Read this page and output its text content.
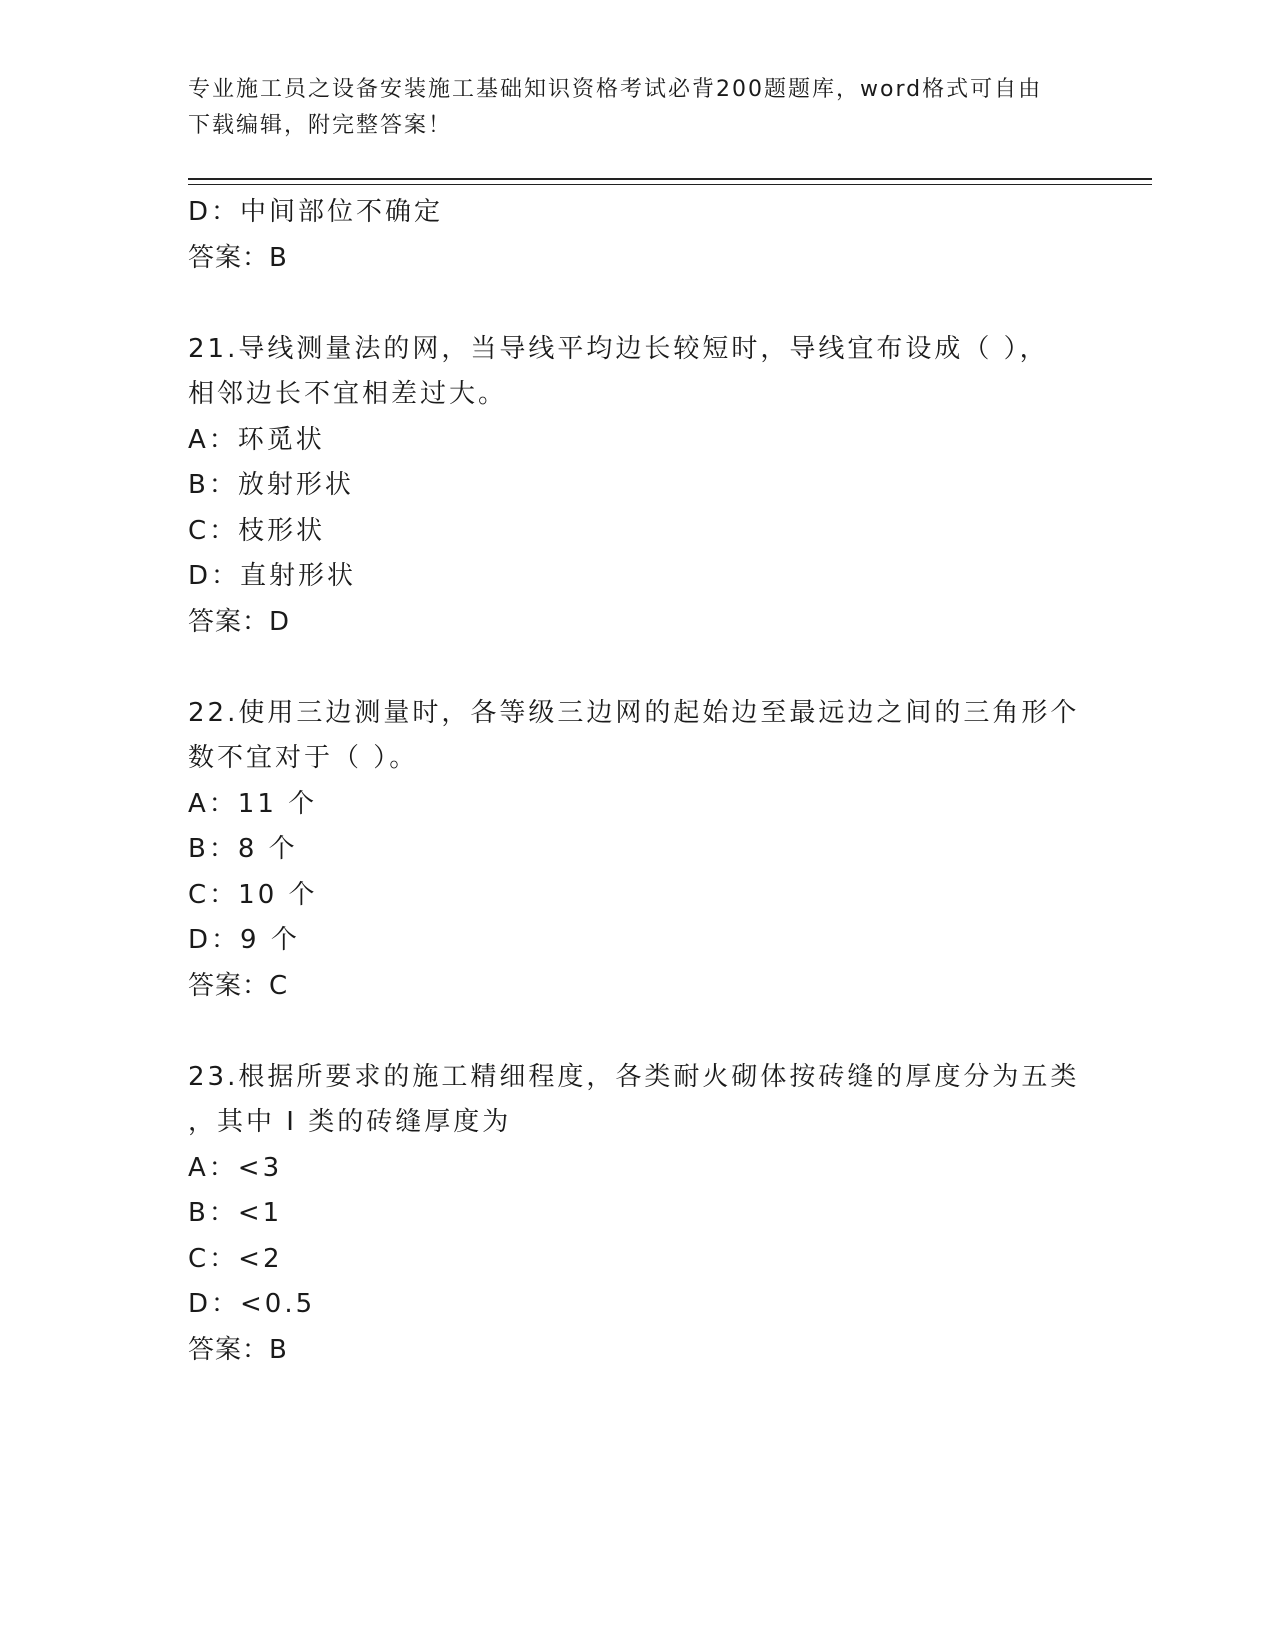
专业施工员之设备安装施工基础知识资格考试必背200题题库，word格式可自由
下载编辑，附完整答案！
D：中间部位不确定
答案：B
21.导线测量法的网，当导线平均边长较短时，导线宜布设成（ ），
相邻边长不宜相差过大。
A：环觅状
B：放射形状
C：枝形状
D：直射形状
答案：D
22.使用三边测量时，各等级三边网的起始边至最远边之间的三角形个
数不宜对于（ ）。
A：11 个
B：8 个
C：10 个
D：9 个
答案：C
23.根据所要求的施工精细程度，各类耐火砌体按砖缝的厚度分为五类
，其中 I 类的砖缝厚度为
A：<3
B：<1
C：<2
D：<0.5
答案：B
